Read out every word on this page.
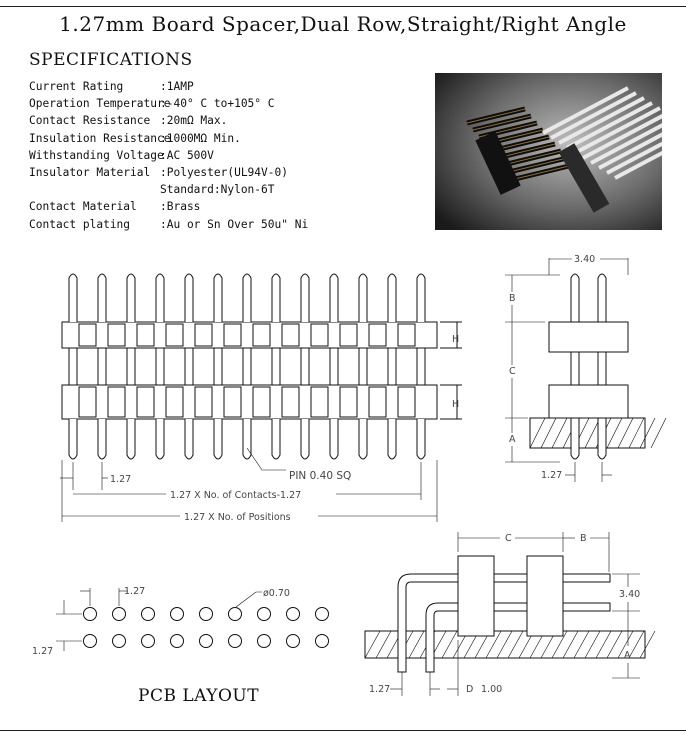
1.27mm Board Spacer,Dual Row,Straight/Right Angle
SPECIFICATIONS
Current Rating	:1AMP
Operation Temperature
:-40° C to+105° C
Contact Resistance :20mΩ Max.
Insulation Resistance
:1000MΩ Min.
Withstanding Voltage
:AC 500V
Insulator Material :Polyester(UL94V-0)
Standard:Nylon-6T
Contact Material	:Brass
Contact plating	:Au or Sn Over 50u" Ni
H
H
1.27	PIN 0.40 SQ
1.27 X No. of Contacts-1.27
1.27 X No. of Positions
3.40
B
C
A
1.27
1.27	ø0.70
1.27
C	B
3.40
A
1.27	D 1.00
PCB LAYOUT
